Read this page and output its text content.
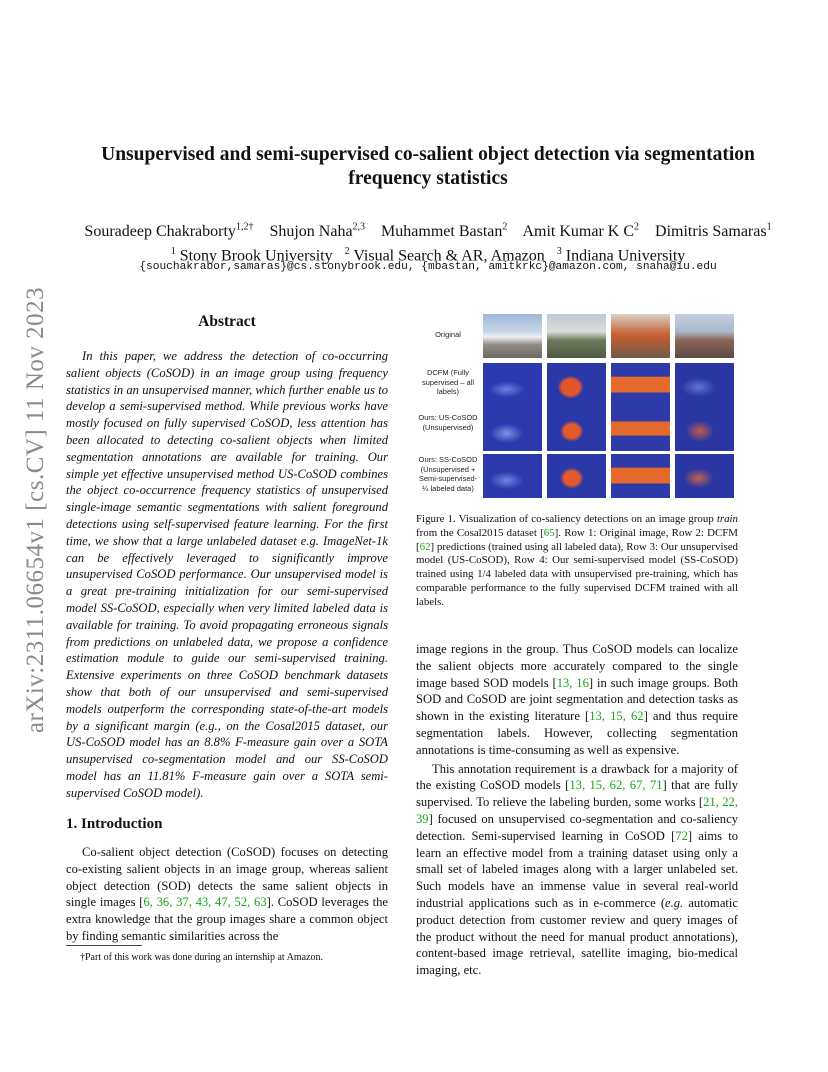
arXiv:2311.06654v1 [cs.CV] 11 Nov 2023
Unsupervised and semi-supervised co-salient object detection via segmentation frequency statistics
Souradeep Chakraborty$^{1,2\dagger}$ Shujon Naha$^{2,3}$ Muhammet Bastan$^2$ Amit Kumar K $C^2$ Dimitris Samaras$^1$
$^1$ Stony Brook University $^2$ Visual Search & AR, Amazon $^3$ Indiana University
{souchakrabor,samaras}@cs.stonybrook.edu, {mbastan, amitkrkc}@amazon.com, snaha@iu.edu
Abstract

In this paper, we address the detection of co-occurring salient objects (CoSOD) in an image group using frequency statistics in an unsupervised manner, which further enable us to develop a semi-supervised method. While previous works have mostly focused on fully supervised CoSOD, less attention has been allocated to detecting co-salient objects when limited segmentation annotations are available for training. Our simple yet effective unsupervised method US-CoSOD combines the object co-occurrence frequency statistics of unsupervised single-image semantic segmentations with salient foreground detections using self-supervised feature learning. For the first time, we show that a large unlabeled dataset e.g. ImageNet-1k can be effectively leveraged to significantly improve unsupervised CoSOD performance. Our unsupervised model is a great pre-training initialization for our semi-supervised model SS-CoSOD, especially when very limited labeled data is available for training. To avoid propagating erroneous signals from predictions on unlabeled data, we propose a confidence estimation module to guide our semi-supervised training. Extensive experiments on three CoSOD benchmark datasets show that both of our unsupervised and semi-supervised models outperform the corresponding state-of-the-art models by a significant margin (e.g., on the Cosal2015 dataset, our US-CoSOD model has an 8.8% F-measure gain over a SOTA unsupervised co-segmentation model and our SS-CoSOD model has an 11.81% F-measure gain over a SOTA semi-supervised CoSOD model).

1. Introduction
Co-salient object detection (CoSOD) focuses on detecting co-existing salient objects in an image group, whereas salient object detection (SOD) detects the same salient objects in single images [6, 36, 37, 43, 47, 52, 63]. CoSOD leverages the extra knowledge that the group images share a common object by finding semantic similarities across the
†Part of this work was done during an internship at Amazon.
Original
DCFM (Fully supervised – all labels)
Ours: US-CoSOD (Unsupervised)
Ours: SS-CoSOD (Unsupervised + Semi-supervised- ¼ labeled data)
Figure 1. Visualization of co-saliency detections on an image group train from the Cosal2015 dataset [65]. Row 1: Original image, Row 2: DCFM [62] predictions (trained using all labeled data), Row 3: Our unsupervised model (US-CoSOD), Row 4: Our semi-supervised model (SS-CoSOD) trained using 1/4 labeled data with unsupervised pre-training, which has comparable performance to the fully supervised DCFM trained with all labels.

image regions in the group. Thus CoSOD models can localize the salient objects more accurately compared to the single image based SOD models [13, 16] in such image groups. Both SOD and CoSOD are joint segmentation and detection tasks as shown in the existing literature [13, 15, 62] and thus require segmentation labels. However, collecting segmentation annotations is time-consuming as well as expensive.

This annotation requirement is a drawback for a majority of the existing CoSOD models [13, 15, 62, 67, 71] that are fully supervised. To relieve the labeling burden, some works [21, 22, 39] focused on unsupervised co-segmentation and co-saliency detection. Semi-supervised learning in CoSOD [72] aims to learn an effective model from a training dataset using only a small set of labeled images along with a larger unlabeled set. Such models have an immense value in several real-world industrial applications such as in e-commerce (e.g. automatic product detection from customer review and query images of the product without the need for manual product annotations), content-based image retrieval, satellite imaging, bio-medical imaging, etc.
